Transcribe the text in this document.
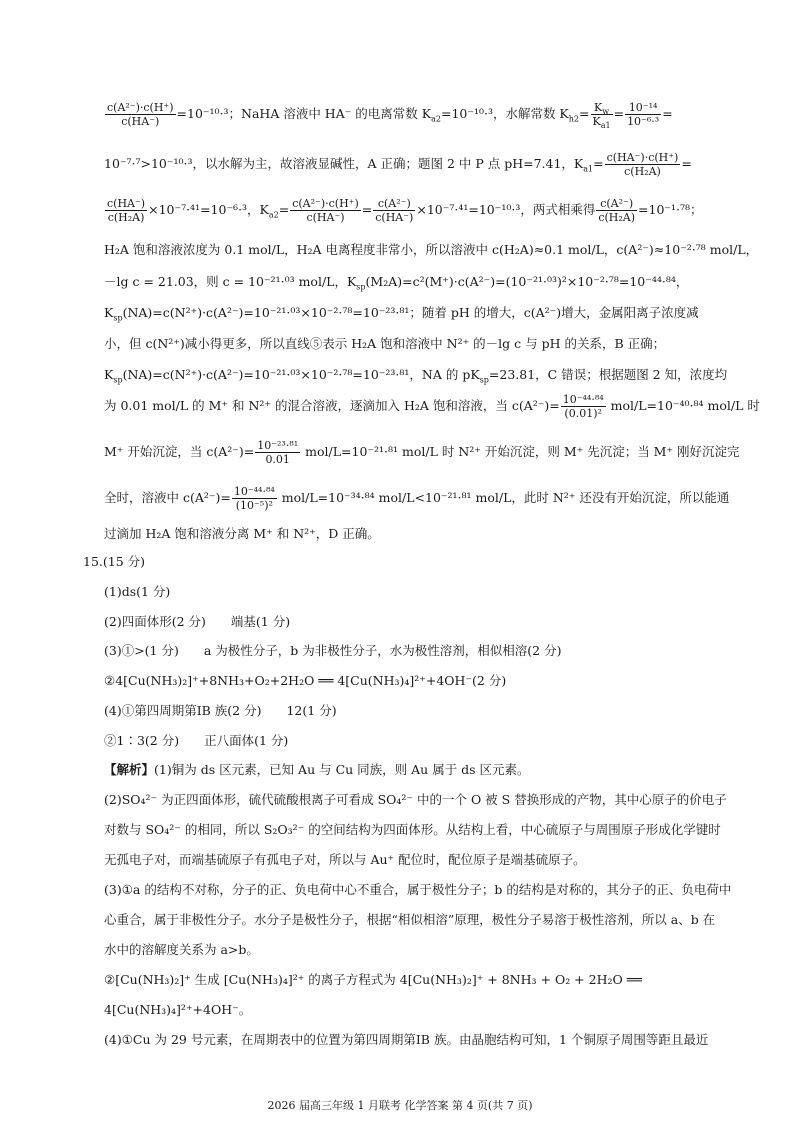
$\frac{\text{c(A²⁻)·c(H⁺)}}{c(HA^-)} =10^{-10}\cdot^3$；NaHA 溶液中 HA⁻ 的电离常数 $K_{a2}=10^{-10}\cdot^3$，水解常数 $K_{h2}= \frac{K_w}{K_{a1}} = \frac{\text{10⁻¹⁴}}{\text{10⁻⁶·³}}$ =
10⁻⁷·⁷>10⁻¹⁰·³，以水解为主，故溶液显碱性，A 正确；题图 2 中 P 点 pH=7.41，$K_{a1}= \frac{c(HA^-)\cdot c(H^+)}{\text{c(H₂A)}}$ =
$\frac{c(HA^-)}{\text{c(H₂A)}} \times 10^{-7}\cdot^{41}=10^{-6}\cdot^3$，$K_{a2}= \frac{\text{c(A²⁻)·c(H⁺)}}{c(HA^-)} = \frac{\text{c(A²⁻)}}{c(HA^-)} \times 10^{-7}\cdot^{41}=10^{-10}\cdot^3$，两式相乘得 $\frac{\text{c(A²⁻)}}{\text{c(H₂A)}} =10^{-1}\cdot^{78}$；
H₂A 饱和溶液浓度为 0.1 mol/L，H₂A 电离程度非常小，所以溶液中 c(H₂A)≈0.1 mol/L，c(A²⁻)≈10⁻²·⁷⁸ mol/L，
－lg c = 21.03，则 c = 10⁻²¹·⁰³ mol/L，$K_{sp}(M_2A)=c^2(M^+)\cdot c(A^{2-})=(10^{-21}\cdot^{03})^2\times 10^{-2}\cdot^{78}=10^{-44}\cdot^{84}$，
$K_{sp}(NA)=c(N^{2+})\cdot c(A^{2-})=10^{-21}\cdot^{03}\times 10^{-2}\cdot^{78}=10^{-23}\cdot^{81}$；随着 pH 的增大，c(A²⁻)增大，金属阳离子浓度减
小，但 c(N²⁺)减小得更多，所以直线⑤表示 H₂A 饱和溶液中 N²⁺ 的－lg c 与 pH 的关系，B 正确；
$K_{sp}(NA)=c(N^{2+})\cdot c(A^{2-})=10^{-21}\cdot^{03}\times 10^{-2}\cdot^{78}=10^{-23}\cdot^{81}$，NA 的 $pK_{sp}=23.81$，C 错误；根据题图 2 知，浓度均
为 0.01 mol/L 的 M⁺ 和 N²⁺ 的混合溶液，逐滴加入 H₂A 饱和溶液，当 $c(A^{2-})= \frac{\text{10⁻⁴⁴·⁸⁴}}{\text{(0.01)²}} mol/L=10^{-40}\cdot^{84}$ mol/L 时
M⁺ 开始沉淀，当 $c(A^{2-})= \frac{\text{10⁻²³·⁸¹}}{0.01} mol/L=10^{-21}\cdot^{81}$ mol/L 时 N²⁺ 开始沉淀，则 M⁺ 先沉淀；当 M⁺ 刚好沉淀完
全时，溶液中 $c(A^{2-})= \frac{\text{10⁻⁴⁴·⁸⁴}}{\text{(10⁻⁵)²}} mol/L=10^{-34}\cdot^{84}$ mol/L<10⁻²¹·⁸¹ mol/L，此时 N²⁺ 还没有开始沉淀，所以能通
过滴加 H₂A 饱和溶液分离 M⁺ 和 N²⁺，D 正确。
15.(15 分)
(1)ds(1 分)
(2)四面体形(2 分)　　端基(1 分)
(3)①>(1 分)　　a 为极性分子，b 为非极性分子，水为极性溶剂，相似相溶(2 分)
②4[Cu(NH₃)₂]⁺+8NH₃+O₂+2H₂O ══ 4[Cu(NH₃)₄]²⁺+4OH⁻(2 分)
(4)①第四周期第ⅠB 族(2 分)　　12(1 分)
②1∶3(2 分)　　正八面体(1 分)
【解析】(1)铜为 ds 区元素，已知 Au 与 Cu 同族，则 Au 属于 ds 区元素。
(2)SO₄²⁻ 为正四面体形，硫代硫酸根离子可看成 SO₄²⁻ 中的一个 O 被 S 替换形成的产物，其中心原子的价电子
对数与 SO₄²⁻ 的相同，所以 S₂O₃²⁻ 的空间结构为四面体形。从结构上看，中心硫原子与周围原子形成化学键时
无孤电子对，而端基硫原子有孤电子对，所以与 Au⁺ 配位时，配位原子是端基硫原子。
(3)①a 的结构不对称，分子的正、负电荷中心不重合，属于极性分子；b 的结构是对称的，其分子的正、负电荷中
心重合，属于非极性分子。水分子是极性分子，根据“相似相溶”原理，极性分子易溶于极性溶剂，所以 a、b 在
水中的溶解度关系为 a>b。
②[Cu(NH₃)₂]⁺ 生成 [Cu(NH₃)₄]²⁺ 的离子方程式为 4[Cu(NH₃)₂]⁺ + 8NH₃ + O₂ + 2H₂O ══
4[Cu(NH₃)₄]²⁺+4OH⁻。
(4)①Cu 为 29 号元素，在周期表中的位置为第四周期第ⅠB 族。由晶胞结构可知，1 个铜原子周围等距且最近
2026 届高三年级 1 月联考 化学答案 第 4 页(共 7 页)
